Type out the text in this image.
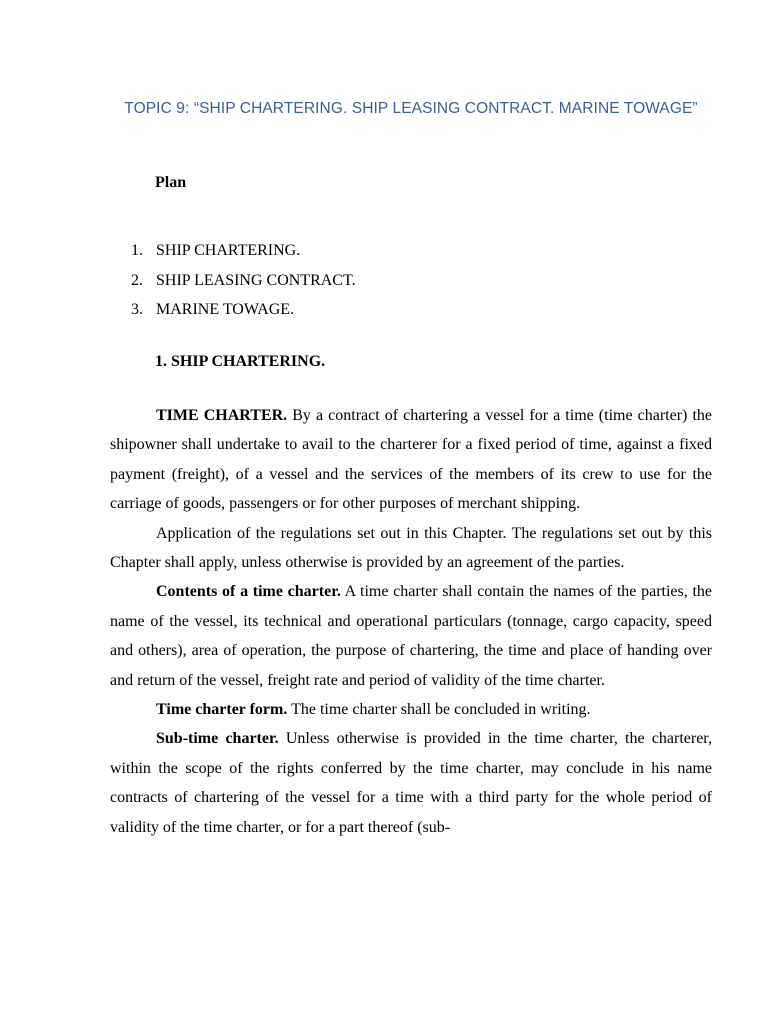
TOPIC 9: “SHIP CHARTERING. SHIP LEASING CONTRACT. MARINE TOWAGE”
Plan
1. SHIP CHARTERING.
2. SHIP LEASING CONTRACT.
3. MARINE TOWAGE.
1. SHIP CHARTERING.

TIME CHARTER. By a contract of chartering a vessel for a time (time charter) the shipowner shall undertake to avail to the charterer for a fixed period of time, against a fixed payment (freight), of a vessel and the services of the members of its crew to use for the carriage of goods, passengers or for other purposes of merchant shipping.

Application of the regulations set out in this Chapter. The regulations set out by this Chapter shall apply, unless otherwise is provided by an agreement of the parties.

Contents of a time charter. A time charter shall contain the names of the parties, the name of the vessel, its technical and operational particulars (tonnage, cargo capacity, speed and others), area of operation, the purpose of chartering, the time and place of handing over and return of the vessel, freight rate and period of validity of the time charter.

Time charter form. The time charter shall be concluded in writing.

Sub-time charter. Unless otherwise is provided in the time charter, the charterer, within the scope of the rights conferred by the time charter, may conclude in his name contracts of chartering of the vessel for a time with a third party for the whole period of validity of the time charter, or for a part thereof (sub-
